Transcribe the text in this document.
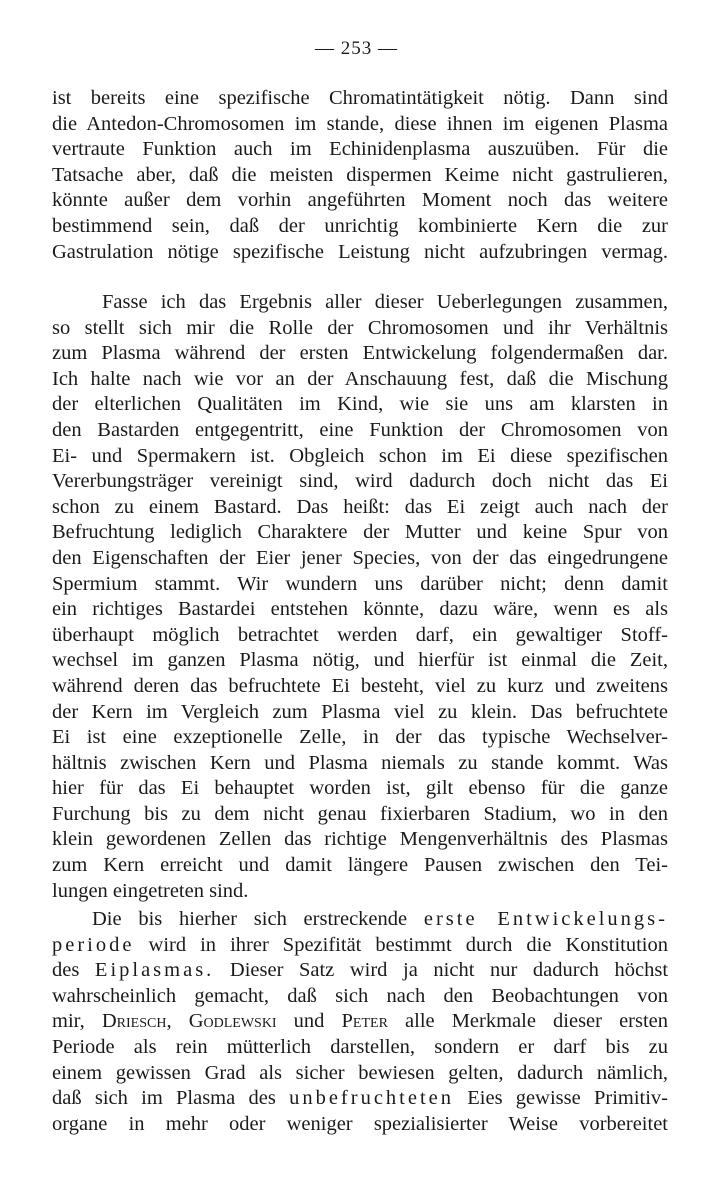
— 253 —
ist bereits eine spezifische Chromatintätigkeit nötig. Dann sind
die Antedon-Chromosomen im stande, diese ihnen im eigenen Plasma
vertraute Funktion auch im Echinidenplasma auszuüben. Für die
Tatsache aber, daß die meisten dispermen Keime nicht gastrulieren,
könnte außer dem vorhin angeführten Moment noch das weitere
bestimmend sein, daß der unrichtig kombinierte Kern die zur
Gastrulation nötige spezifische Leistung nicht aufzubringen vermag.
Fasse ich das Ergebnis aller dieser Ueberlegungen zusammen,
so stellt sich mir die Rolle der Chromosomen und ihr Verhältnis
zum Plasma während der ersten Entwickelung folgendermaßen dar.
Ich halte nach wie vor an der Anschauung fest, daß die Mischung
der elterlichen Qualitäten im Kind, wie sie uns am klarsten in
den Bastarden entgegentritt, eine Funktion der Chromosomen von
Ei- und Spermakern ist. Obgleich schon im Ei diese spezifischen
Vererbungsträger vereinigt sind, wird dadurch doch nicht das Ei
schon zu einem Bastard. Das heißt: das Ei zeigt auch nach der
Befruchtung lediglich Charaktere der Mutter und keine Spur von
den Eigenschaften der Eier jener Species, von der das eingedrungene
Spermium stammt. Wir wundern uns darüber nicht; denn damit
ein richtiges Bastardei entstehen könnte, dazu wäre, wenn es als
überhaupt möglich betrachtet werden darf, ein gewaltiger Stoff-
wechsel im ganzen Plasma nötig, und hierfür ist einmal die Zeit,
während deren das befruchtete Ei besteht, viel zu kurz und zweitens
der Kern im Vergleich zum Plasma viel zu klein. Das befruchtete
Ei ist eine exzeptionelle Zelle, in der das typische Wechselver-
hältnis zwischen Kern und Plasma niemals zu stande kommt. Was
hier für das Ei behauptet worden ist, gilt ebenso für die ganze
Furchung bis zu dem nicht genau fixierbaren Stadium, wo in den
klein gewordenen Zellen das richtige Mengenverhältnis des Plasmas
zum Kern erreicht und damit längere Pausen zwischen den Tei-
lungen eingetreten sind.
Die bis hierher sich erstreckende erste Entwickelungs-
periode wird in ihrer Spezifität bestimmt durch die Konstitution
des Eiplasmas. Dieser Satz wird ja nicht nur dadurch höchst
wahrscheinlich gemacht, daß sich nach den Beobachtungen von
mir, Driesch, Godlewski und Peter alle Merkmale dieser ersten
Periode als rein mütterlich darstellen, sondern er darf bis zu
einem gewissen Grad als sicher bewiesen gelten, dadurch nämlich,
daß sich im Plasma des unbefruchteten Eies gewisse Primitiv-
organe in mehr oder weniger spezialisierter Weise vorbereitet
